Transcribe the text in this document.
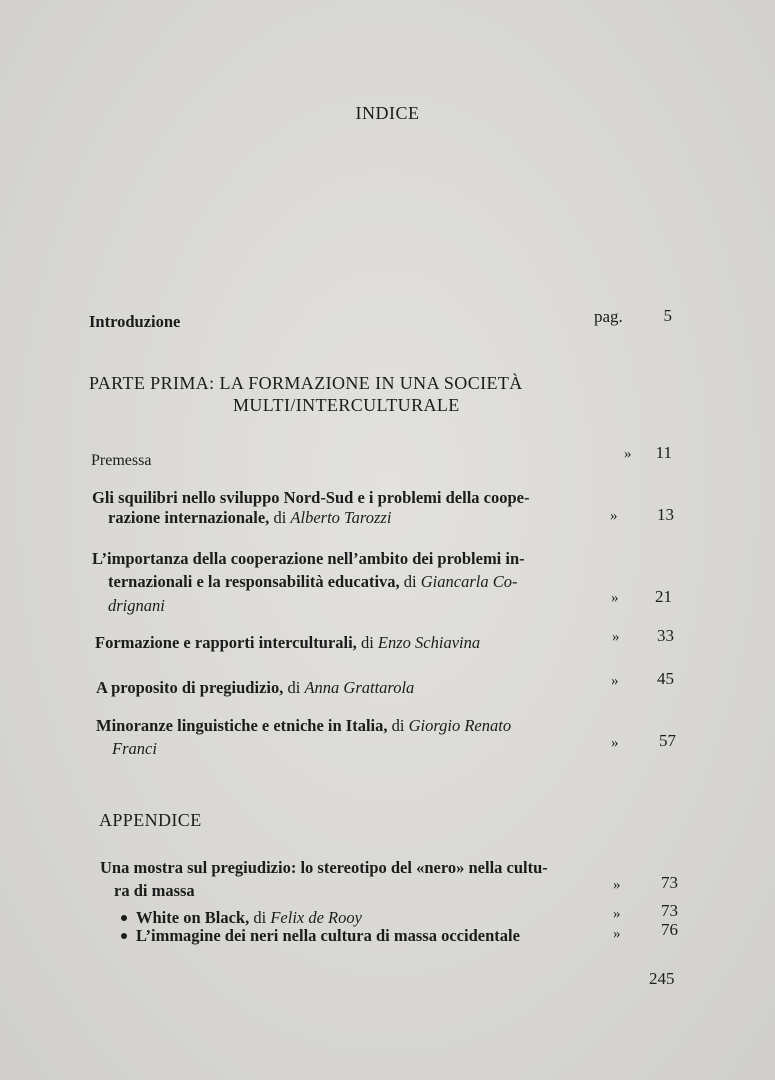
.
INDICE
Introduzione	pag.	5
PARTE PRIMA: LA FORMAZIONE IN UNA SOCIETÀ
MULTI/INTERCULTURALE
Premessa	»	11
Gli squilibri nello sviluppo Nord-Sud e i problemi della coope-
razione internazionale, di Alberto Tarozzi	»	13
L’importanza della cooperazione nell’ambito dei problemi in-
ternazionali e la responsabilità educativa, di Giancarla Co-
drignani	»	21
Formazione e rapporti interculturali, di Enzo Schiavina	»	33
A proposito di pregiudizio, di Anna Grattarola	»	45
Minoranze linguistiche e etniche in Italia, di Giorgio Renato
Franci	»	57
APPENDICE
Una mostra sul pregiudizio: lo stereotipo del «nero» nella cultu-
ra di massa	»	73
White on Black, di Felix de Rooy	»	73
L’immagine dei neri nella cultura di massa occidentale	»	76
245
